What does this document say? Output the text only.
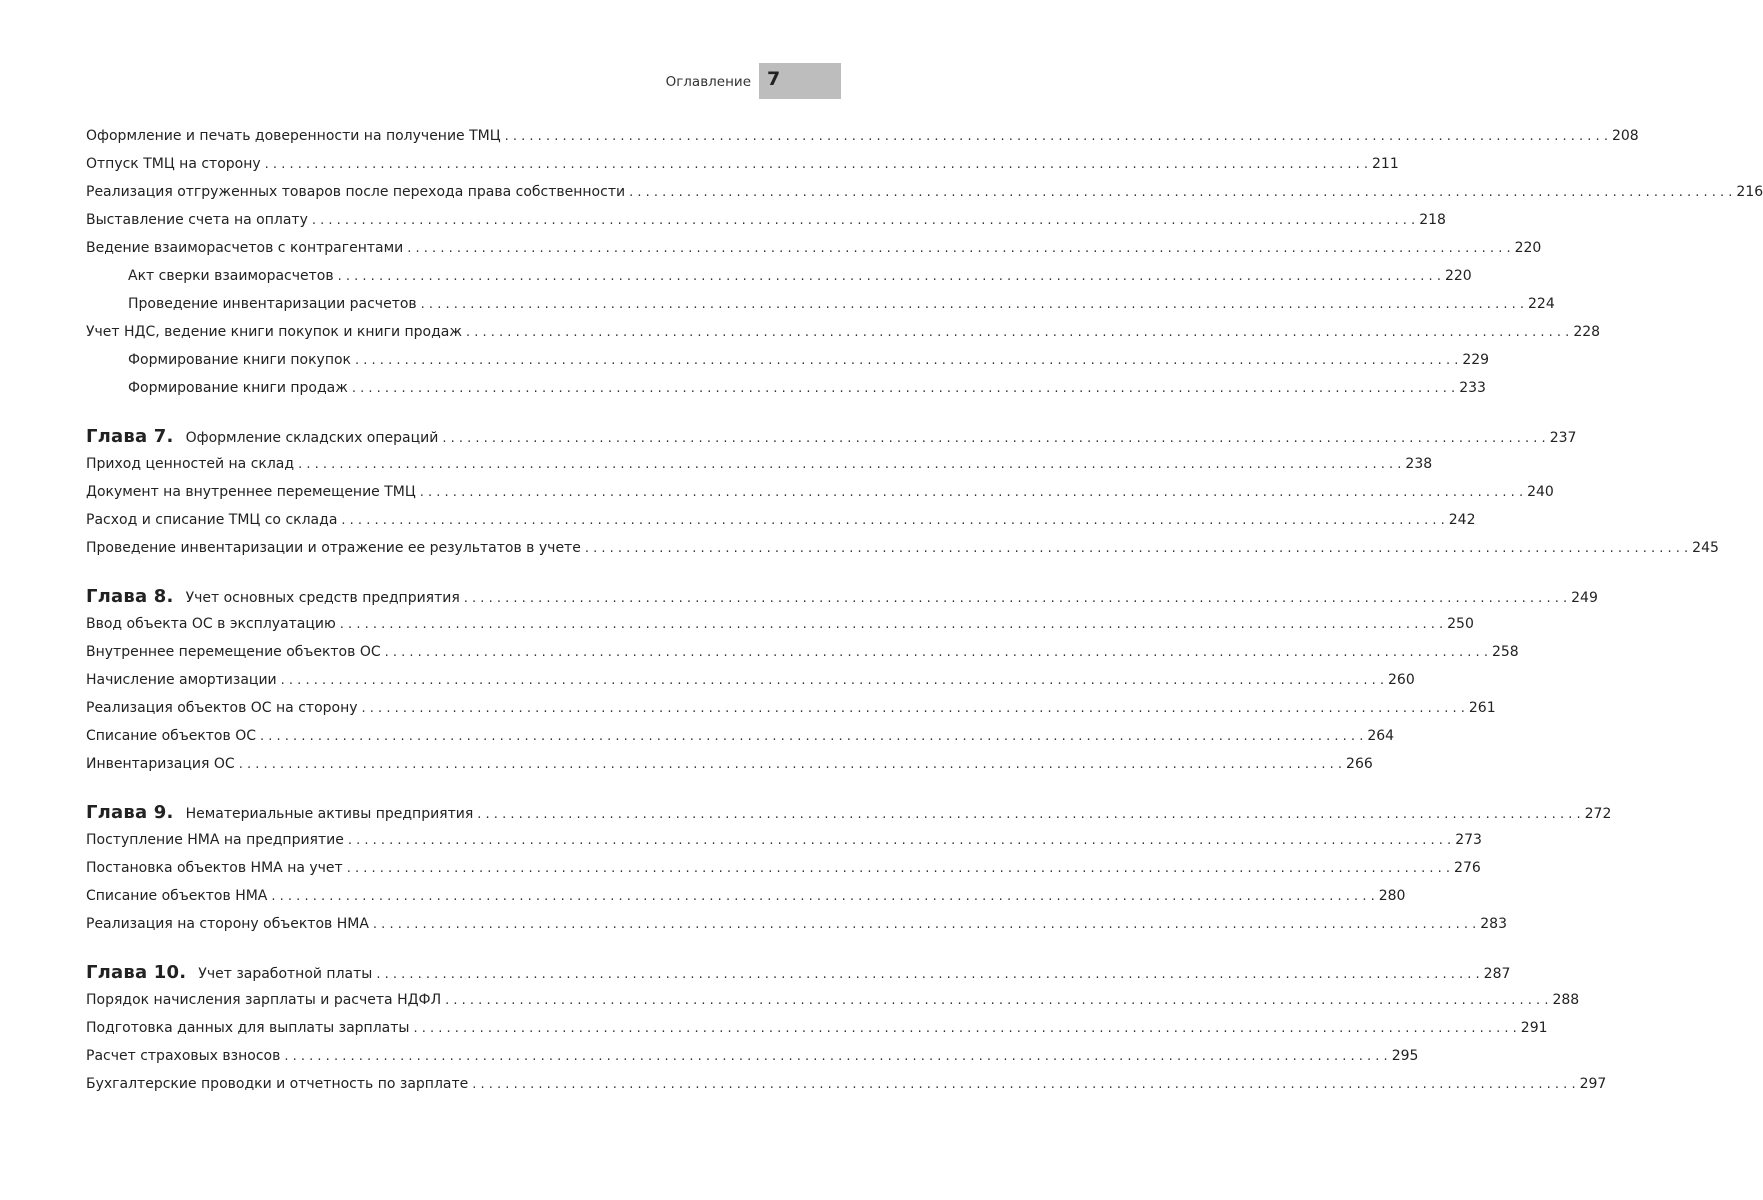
Оглавление 7
Оформление и печать доверенности на получение ТМЦ . . .	208
Отпуск ТМЦ на сторону . . .	211
Реализация отгруженных товаров после перехода права собственности . . .	216
Выставление счета на оплату . . .	218
Ведение взаиморасчетов с контрагентами . . .	220
Акт сверки взаиморасчетов . . .	220
Проведение инвентаризации расчетов . . .	224
Учет НДС, ведение книги покупок и книги продаж . . .	228
Формирование книги покупок . . .	229
Формирование книги продаж . . .	233
Глава 7. Оформление складских операций . . .	237
Приход ценностей на склад . . .	238
Документ на внутреннее перемещение ТМЦ . . .	240
Расход и списание ТМЦ со склада . . .	242
Проведение инвентаризации и отражение ее результатов в учете . . .	245
Глава 8. Учет основных средств предприятия . . .	249
Ввод объекта ОС в эксплуатацию . . .	250
Внутреннее перемещение объектов ОС . . .	258
Начисление амортизации . . .	260
Реализация объектов ОС на сторону . . .	261
Списание объектов ОС . . .	264
Инвентаризация ОС . . .	266
Глава 9. Нематериальные активы предприятия . . .	272
Поступление НМА на предприятие . . .	273
Постановка объектов НМА на учет . . .	276
Списание объектов НМА . . .	280
Реализация на сторону объектов НМА . . .	283
Глава 10. Учет заработной платы . . .	287
Порядок начисления зарплаты и расчета НДФЛ . . .	288
Подготовка данных для выплаты зарплаты . . .	291
Расчет страховых взносов . . .	295
Бухгалтерские проводки и отчетность по зарплате . . .	297
